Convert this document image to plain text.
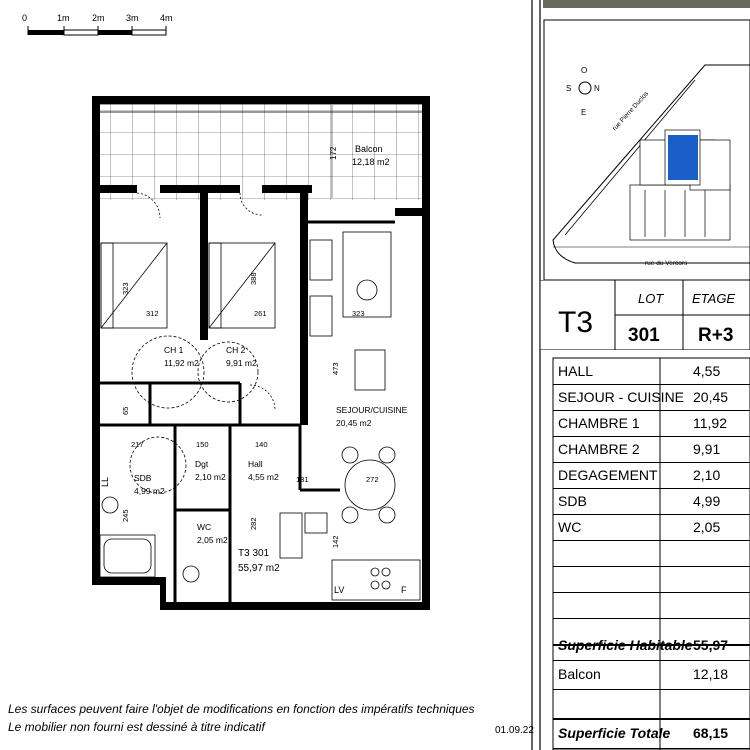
0	1m 2m 3m 4m
Balcon
12,18 m2
172
CH 1
11,92 m2
CH 2
9,91 m2
SEJOUR/CUISINE
20,45 m2
SDB
4,99 m2
Dgt
2,10 m2
Hall
4,55 m2
WC
2,05 m2
323
312
388
261	323
473
65
217	150	140
131	272
245
282
142
T3 301
55,97 m2
LL
LV	F
Les surfaces peuvent faire l'objet de modifications en fonction des impératifs techniques
Le mobilier non fourni est dessiné à titre indicatif	01.09.22
O
S	N
E	rue Pierre Duclos
rue du Vercors
T3
LOT
301
ETAGE
R+3
HALL	4,55
SEJOUR - CUISINE 20,45
CHAMBRE 1	11,92
CHAMBRE 2	9,91
DEGAGEMENT	2,10
SDB	4,99
WC	2,05
Superficie Habitable 55,97
Balcon	12,18
Superficie Totale 68,15
